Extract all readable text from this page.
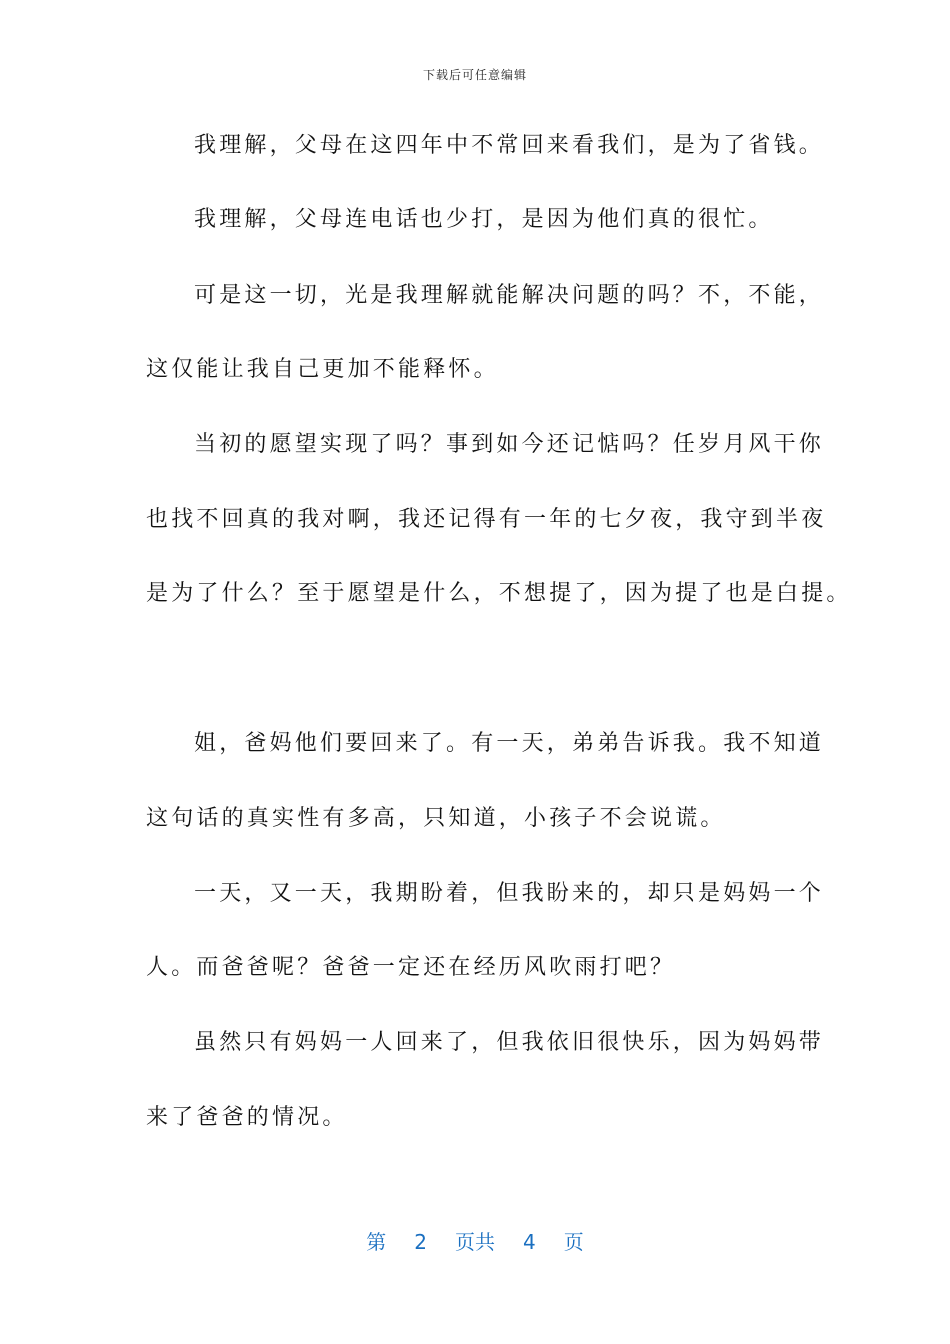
下载后可任意编辑
我理解，父母在这四年中不常回来看我们，是为了省钱。
我理解，父母连电话也少打，是因为他们真的很忙。
可是这一切，光是我理解就能解决问题的吗？不，不能，
这仅能让我自己更加不能释怀。
当初的愿望实现了吗？事到如今还记惦吗？任岁月风干你
也找不回真的我对啊，我还记得有一年的七夕夜，我守到半夜
是为了什么？至于愿望是什么，不想提了，因为提了也是白提。
姐，爸妈他们要回来了。有一天，弟弟告诉我。我不知道
这句话的真实性有多高，只知道，小孩子不会说谎。
一天，又一天，我期盼着，但我盼来的，却只是妈妈一个
人。而爸爸呢？爸爸一定还在经历风吹雨打吧？
虽然只有妈妈一人回来了，但我依旧很快乐，因为妈妈带
来了爸爸的情况。
第 2 页共 4 页
